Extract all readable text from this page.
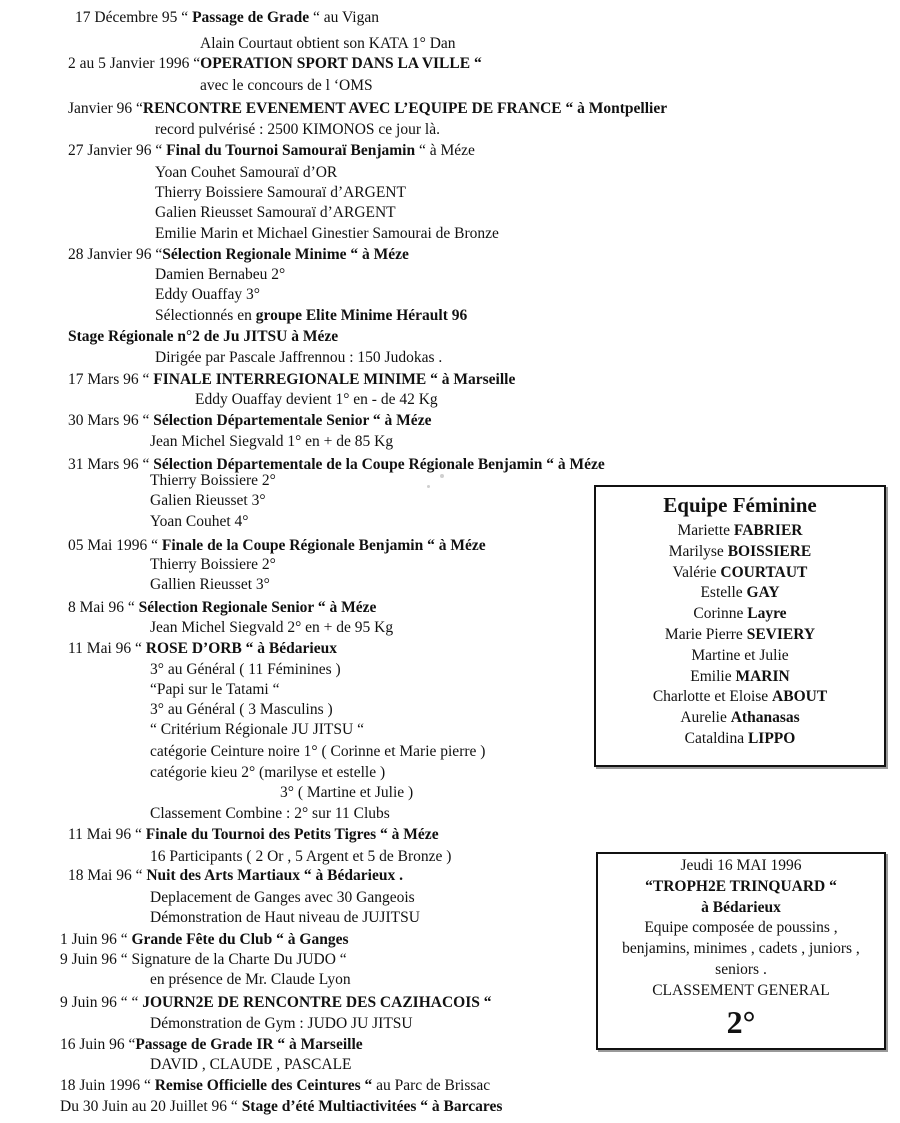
17 Décembre 95 “ Passage de Grade “ au Vigan
Alain Courtaut obtient son KATA 1° Dan
2 au 5 Janvier 1996 “OPERATION SPORT DANS LA VILLE “
avec le concours de l ‘OMS
Janvier 96 “RENCONTRE EVENEMENT AVEC L’EQUIPE DE FRANCE “ à Montpellier
record pulvérisé : 2500 KIMONOS ce jour là.
27 Janvier 96 “ Final du Tournoi Samouraï Benjamin “ à Méze
Yoan Couhet Samouraï d’OR
Thierry Boissiere Samouraï d’ARGENT
Galien Rieusset Samouraï d’ARGENT
Emilie Marin et Michael Ginestier Samourai de Bronze
28 Janvier 96 “Sélection Regionale Minime “ à Méze
Damien Bernabeu 2°
Eddy Ouaffay 3°
Sélectionnés en groupe Elite Minime Hérault 96
Stage Régionale n°2 de Ju JITSU à Méze
Dirigée par Pascale Jaffrennou : 150 Judokas .
17 Mars 96 “ FINALE INTERREGIONALE MINIME “ à Marseille
Eddy Ouaffay devient 1° en - de 42 Kg
30 Mars 96 “ Sélection Départementale Senior “ à Méze
Jean Michel Siegvald 1° en + de 85 Kg
31 Mars 96 “ Sélection Départementale de la Coupe Régionale Benjamin “ à Méze
Thierry Boissiere 2°
Galien Rieusset 3°
Yoan Couhet 4°
05 Mai 1996 “ Finale de la Coupe Régionale Benjamin “ à Méze
Thierry Boissiere 2°
Gallien Rieusset 3°
8 Mai 96 “ Sélection Regionale Senior “ à Méze
Jean Michel Siegvald 2° en + de 95 Kg
11 Mai 96 “ ROSE D’ORB “ à Bédarieux
3° au Général ( 11 Féminines )
“Papi sur le Tatami “
3° au Général ( 3 Masculins )
“ Critérium Régionale JU JITSU “
catégorie Ceinture noire 1° ( Corinne et Marie pierre )
catégorie kieu 2° (marilyse et estelle )
3° ( Martine et Julie )
Classement Combine : 2° sur 11 Clubs
11 Mai 96 “ Finale du Tournoi des Petits Tigres “ à Méze
16 Participants ( 2 Or , 5 Argent et 5 de Bronze )
18 Mai 96 “ Nuit des Arts Martiaux “ à Bédarieux .
Deplacement de Ganges avec 30 Gangeois
Démonstration de Haut niveau de JUJITSU
1 Juin 96 “ Grande Fête du Club “ à Ganges
9 Juin 96 “ Signature de la Charte Du JUDO “
en présence de Mr. Claude Lyon
9 Juin 96 “ “ JOURN2E DE RENCONTRE DES CAZIHACOIS “
Démonstration de Gym : JUDO JU JITSU
16 Juin 96 “Passage de Grade IR “ à Marseille
DAVID , CLAUDE , PASCALE
18 Juin 1996 “ Remise Officielle des Ceintures “ au Parc de Brissac
Du 30 Juin au 20 Juillet 96 “ Stage d’été Multiactivitées “ à Barcares
Equipe Féminine
Mariette FABRIER
Marilyse BOISSIERE
Valérie COURTAUT
Estelle GAY
Corinne Layre
Marie Pierre SEVIERY
Martine et Julie
Emilie MARIN
Charlotte et Eloise ABOUT
Aurelie Athanasas
Cataldina LIPPO
Jeudi 16 MAI 1996
“TROPH2E TRINQUARD “
à Bédarieux
Equipe composée de poussins ,
benjamins, minimes , cadets , juniors ,
seniors .
CLASSEMENT GENERAL
2°
